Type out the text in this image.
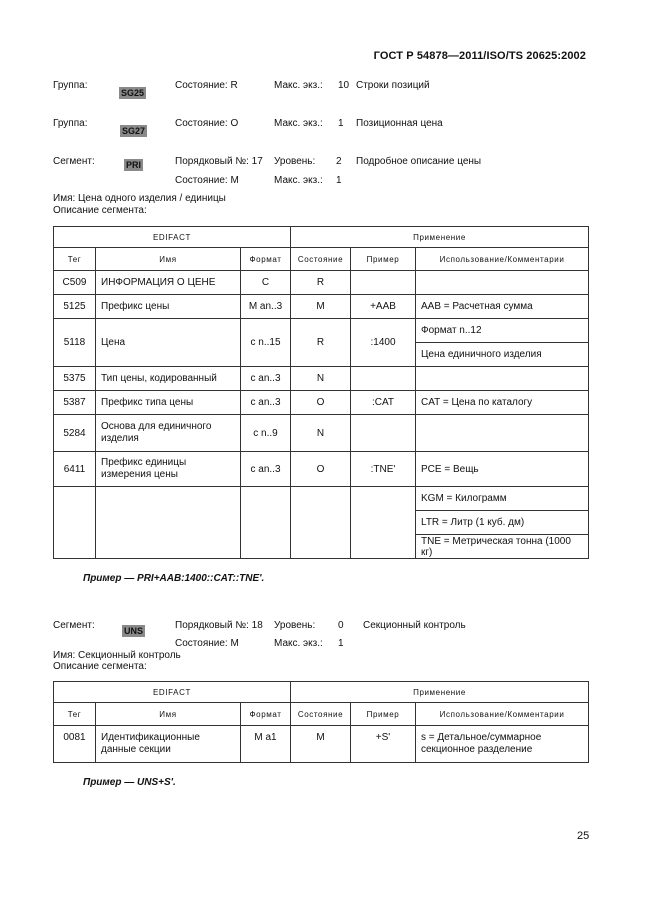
ГОСТ Р 54878—2011/ISO/TS 20625:2002
Группа:
SG25
Состояние: R	Макс. экз.: 10 Строки позиций
Группа:
SG27
Состояние: O	Макс. экз.: 1 Позиционная цена
Сегмент:	PRI	Порядковый №: 17 Уровень: 2 Подробное описание цены
Состояние: M	Макс. экз.: 1
Имя: Цена одного изделия / единицы
Описание сегмента:
EDIFACT			Применение		
Тег	Имя	Формат	Состояние	Пример	Использование/Комментарии
C509	ИНФОРМАЦИЯ О ЦЕНЕ	C	R		
5125	Префикс цены	M an..3	M	+AAB	AAB = Расчетная сумма
5118	Цена	с n..15	R	:1400	Формат n..12
					Цена единичного изделия
5375	Тип цены, кодированный	с an..3	N		
5387	Префикс типа цены	с an..3	O	:CAT	CAT = Цена по каталогу
5284	Основа для единичного изделия	с n..9	N		
6411	Префикс единицы измерения цены	с an..3	O	:TNE'	PCE = Вещь
					KGM = Килограмм
					LTR = Литр (1 куб. дм)
					TNE = Метрическая тонна (1000 кг)
Пример — PRI+AAB:1400::CAT::TNE'.
Сегмент:	UNS	Порядковый №: 18 Уровень: 0 Секционный контроль
Состояние: M	Макс. экз.: 1
Имя: Секционный контроль
Описание сегмента:
EDIFACT			Применение		
Тег	Имя	Формат	Состояние	Пример	Использование/Комментарии
0081	Идентификационные данные секции	M a1	M	+S'	s = Детальное/суммарное секционное разделение
Пример — UNS+S'.
25
